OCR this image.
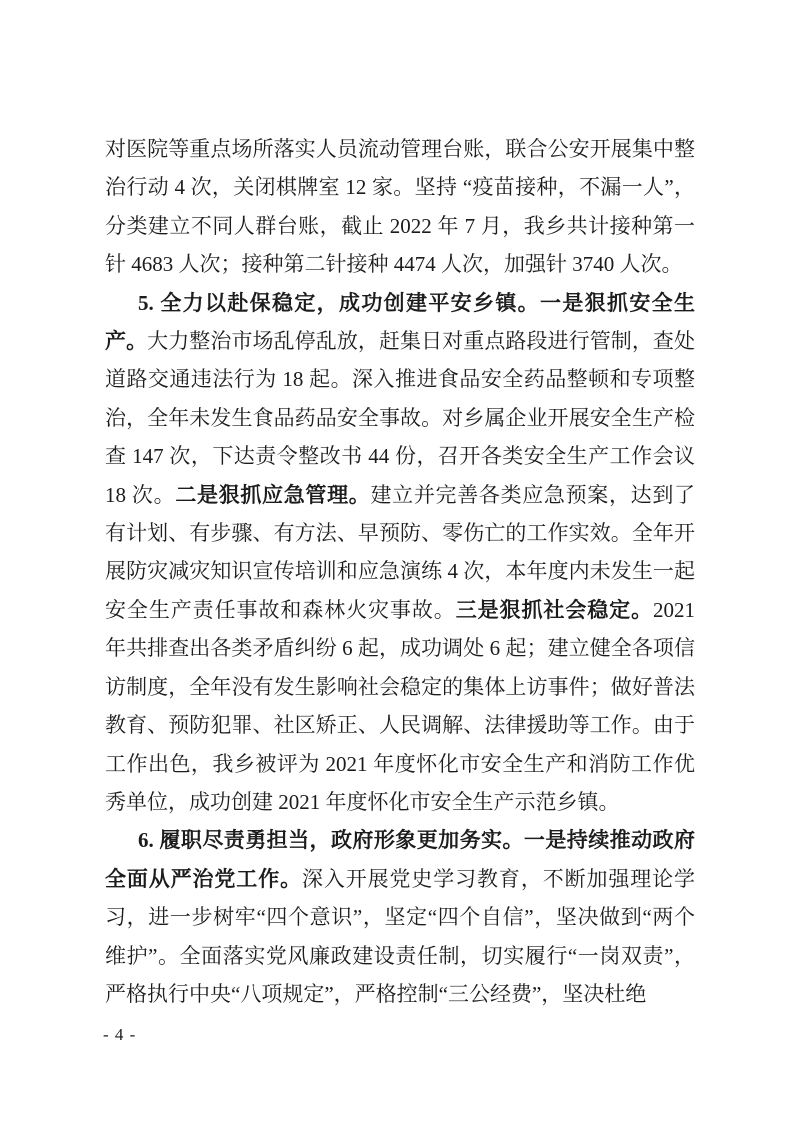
对医院等重点场所落实人员流动管理台账，联合公安开展集中整治行动 4 次，关闭棋牌室 12 家。坚持 “疫苗接种，不漏一人”，分类建立不同人群台账，截止 2022 年 7 月，我乡共计接种第一针 4683 人次；接种第二针接种 4474 人次，加强针 3740 人次。

5. 全力以赴保稳定，成功创建平安乡镇。一是狠抓安全生产。大力整治市场乱停乱放，赶集日对重点路段进行管制，查处道路交通违法行为 18 起。深入推进食品安全药品整顿和专项整治，全年未发生食品药品安全事故。对乡属企业开展安全生产检查 147 次，下达责令整改书 44 份，召开各类安全生产工作会议 18 次。二是狠抓应急管理。建立并完善各类应急预案，达到了有计划、有步骤、有方法、早预防、零伤亡的工作实效。全年开展防灾减灾知识宣传培训和应急演练 4 次，本年度内未发生一起安全生产责任事故和森林火灾事故。三是狠抓社会稳定。2021 年共排查出各类矛盾纠纷 6 起，成功调处 6 起；建立健全各项信访制度，全年没有发生影响社会稳定的集体上访事件；做好普法教育、预防犯罪、社区矫正、人民调解、法律援助等工作。由于工作出色，我乡被评为 2021 年度怀化市安全生产和消防工作优秀单位，成功创建 2021 年度怀化市安全生产示范乡镇。

6. 履职尽责勇担当，政府形象更加务实。一是持续推动政府全面从严治党工作。深入开展党史学习教育，不断加强理论学习，进一步树牢“四个意识”，坚定“四个自信”，坚决做到“两个维护”。全面落实党风廉政建设责任制，切实履行“一岗双责”，严格执行中央“八项规定”，严格控制“三公经费”，坚决杜绝

- 4 -
